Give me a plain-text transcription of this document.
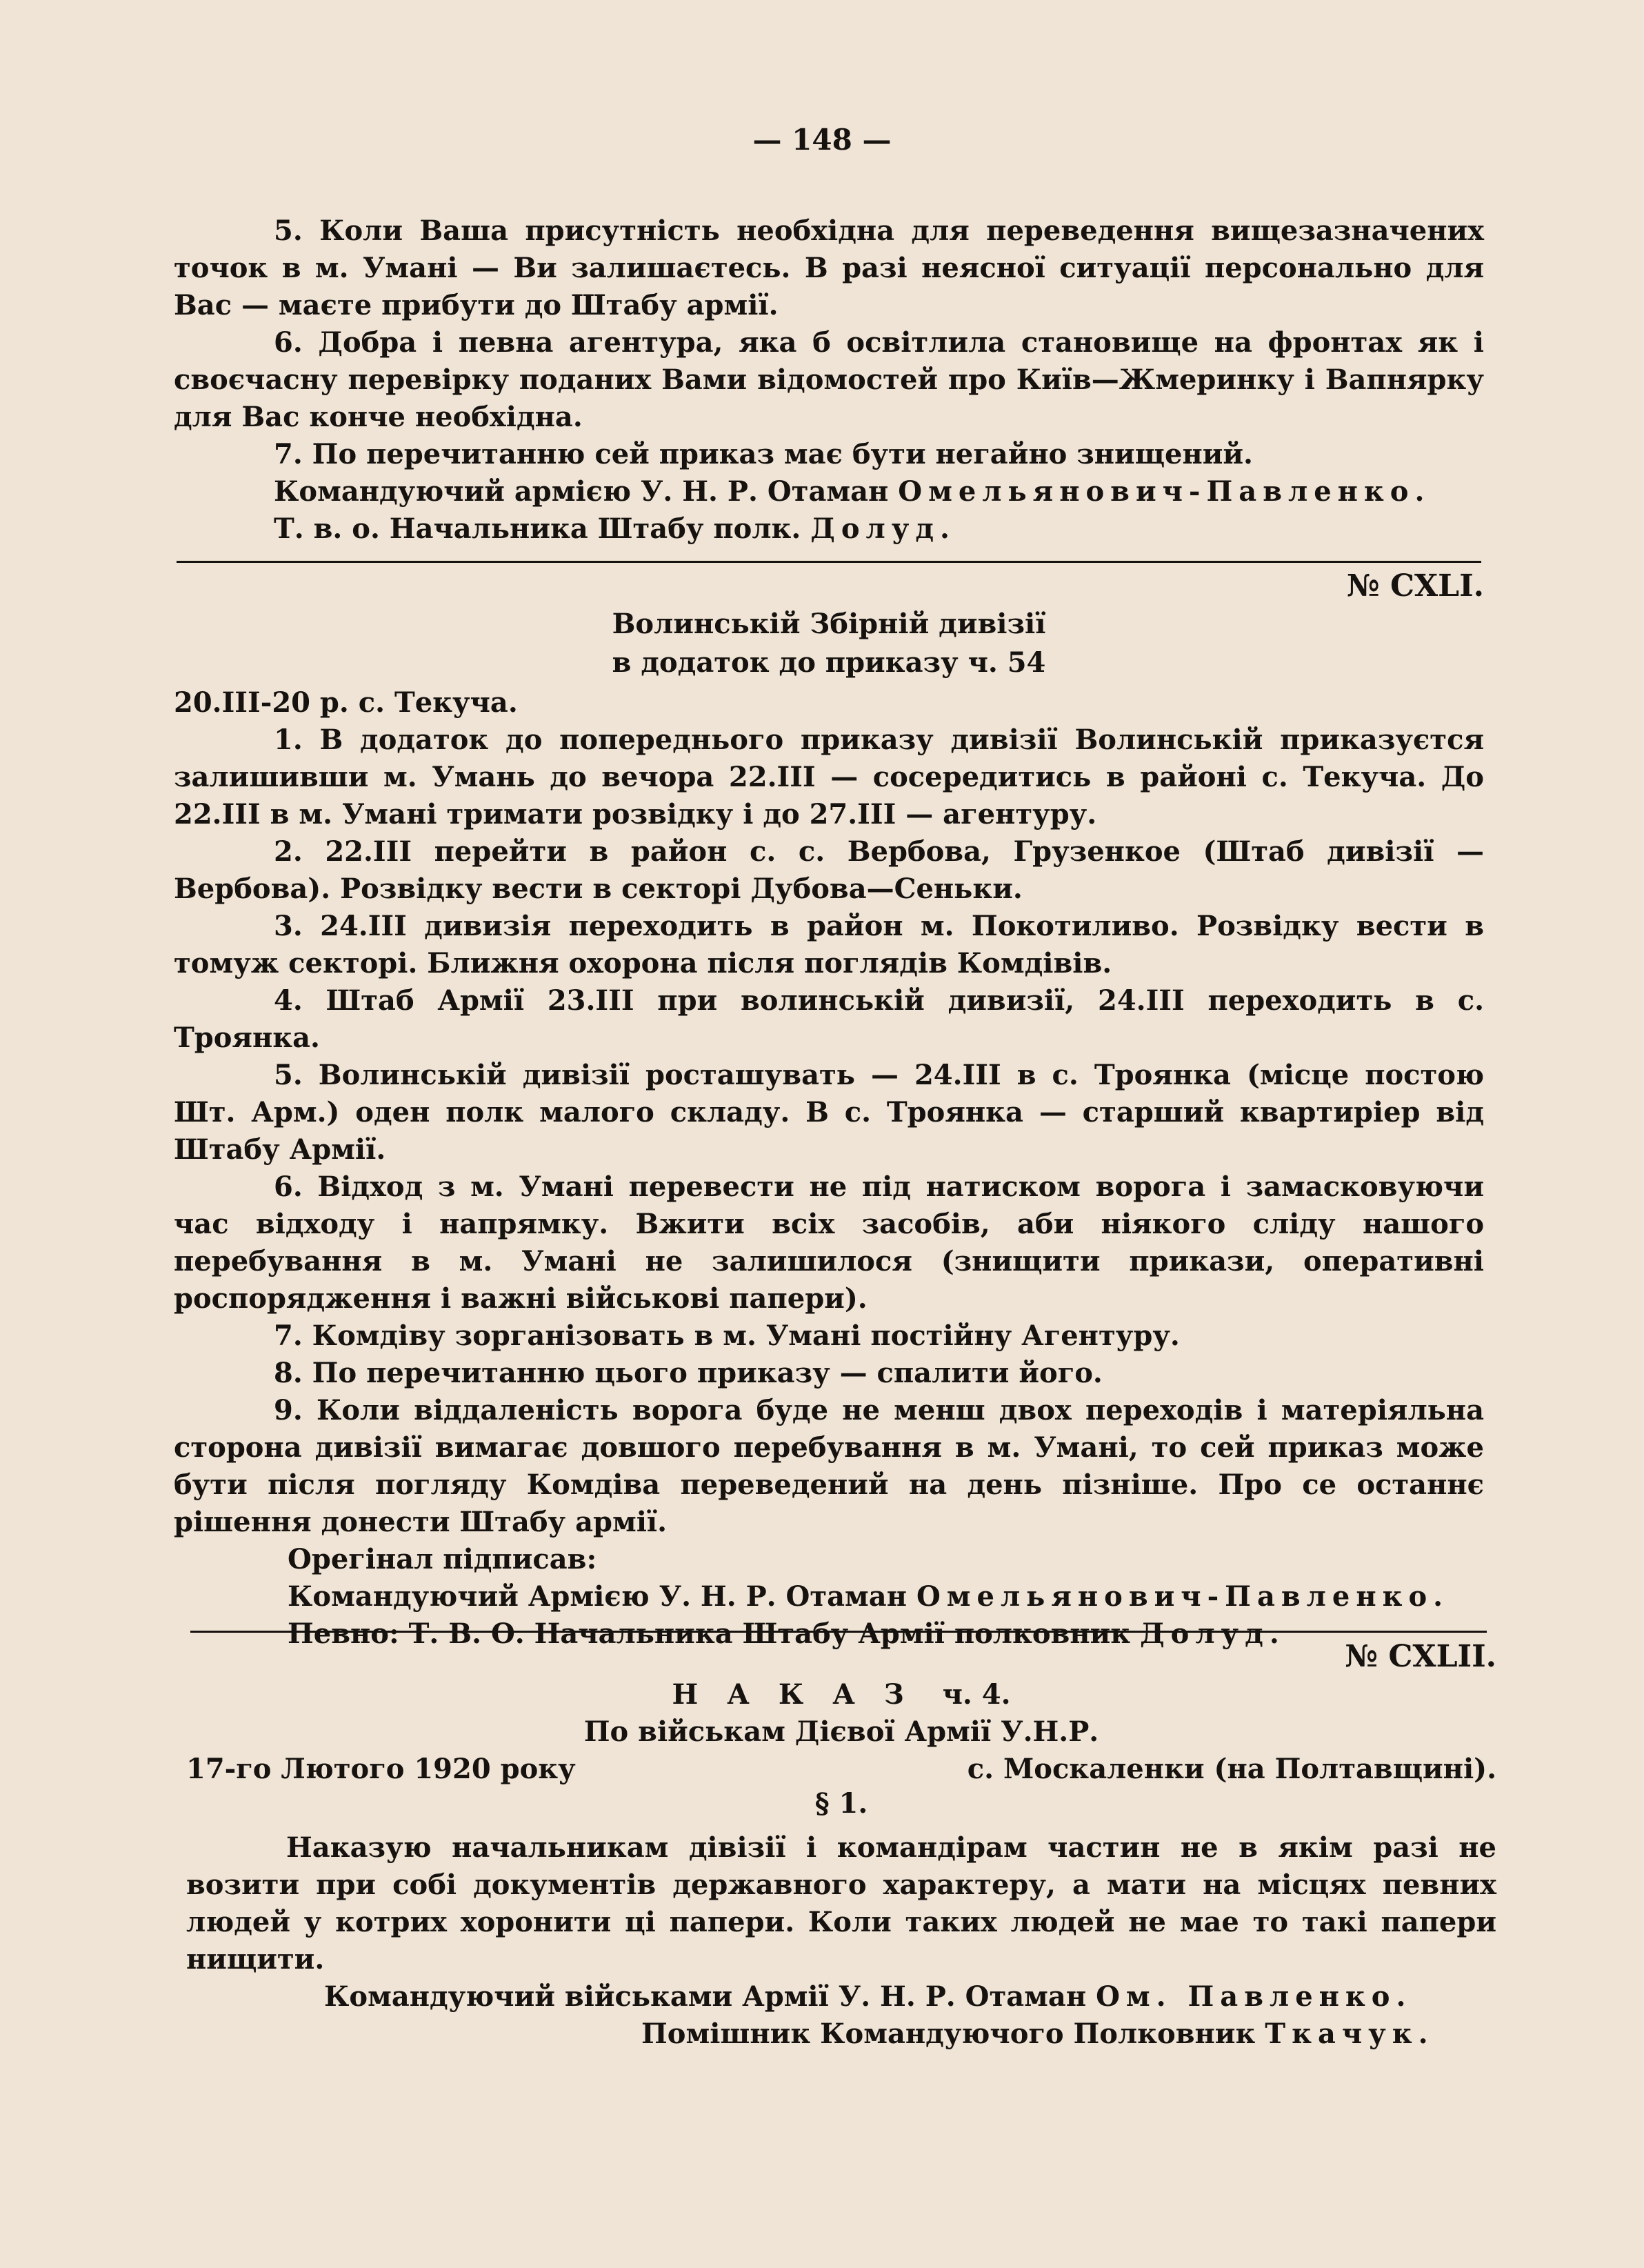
— 148 —

5. Коли Ваша присутність необхідна для переведення вищезазначених точок в м. Умані — Ви залишаєтесь. В разі неясної ситуації персонально для Вас — маєте прибути до Штабу армії.

6. Добра і певна агентура, яка б освітлила становище на фронтах як і своєчасну перевірку поданих Вами відомостей про Київ—Жмеринку і Вапнярку для Вас конче необхідна.

7. По перечитанню сей приказ має бути негайно знищений.

Командуючий армією У. Н. Р. Отаман Омельянович-Павленко.

Т. в. о. Начальника Штабу полк. Долуд.

№ CXLI.

Волинській Збірній дивізії

в додаток до приказу ч. 54

20.III-20 р. с. Текуча.

1. В додаток до попереднього приказу дивізії Волинській приказуєтся залишивши м. Умань до вечора 22.III — сосередитись в районі с. Текуча. До 22.III в м. Умані тримати розвідку і до 27.III — агентуру.

2. 22.III перейти в район с. с. Вербова, Грузенкое (Штаб дивізії — Вербова). Розвідку вести в секторі Дубова—Сеньки.

3. 24.III дивизія переходить в район м. Покотиливо. Розвідку вести в томуж секторі. Ближня охорона після поглядів Комдівів.

4. Штаб Армії 23.III при волинській дивизії, 24.III переходить в с. Троянка.

5. Волинській дивізії росташувать — 24.III в с. Троянка (місце постою Шт. Арм.) оден полк малого складу. В с. Троянка — старший квартиріер від Штабу Армії.

6. Відход з м. Умані перевести не під натиском ворога і замасковуючи час відходу і напрямку. Вжити всіх засобів, аби ніякого сліду нашого перебування в м. Умані не залишилося (знищити прикази, оперативні роспорядження і важні військові папери).

7. Комдіву зорганізовать в м. Умані постійну Агентуру.

8. По перечитанню цього приказу — спалити його.

9. Коли віддаленість ворога буде не менш двох переходів і матеріяльна сторона дивізії вимагає довшого перебування в м. Умані, то сей приказ може бути після погляду Комдіва переведений на день пізніше. Про се останнє рішення донести Штабу армії.

Орегінал підписав:

Командуючий Армією У. Н. Р. Отаман Омельянович-Павленко.

Певно: Т. В. О. Начальника Штабу Армії полковник Долуд.

№ CXLII.

НАКАЗ ч. 4.

По військам Дієвої Армії У.Н.Р.

17-го Лютого 1920 року	с. Москаленки (на Полтавщині).

§ 1.

Наказую начальникам дівізії і командірам частин не в якім разі не возити при собі документів державного характеру, а мати на місцях певних людей у котрих хоронити ці папери. Коли таких людей не мае то такі папери нищити.

Командуючий військами Армії У. Н. Р. Отаман Ом. Павленко.

Помішник Командуючого Полковник Ткачук.
